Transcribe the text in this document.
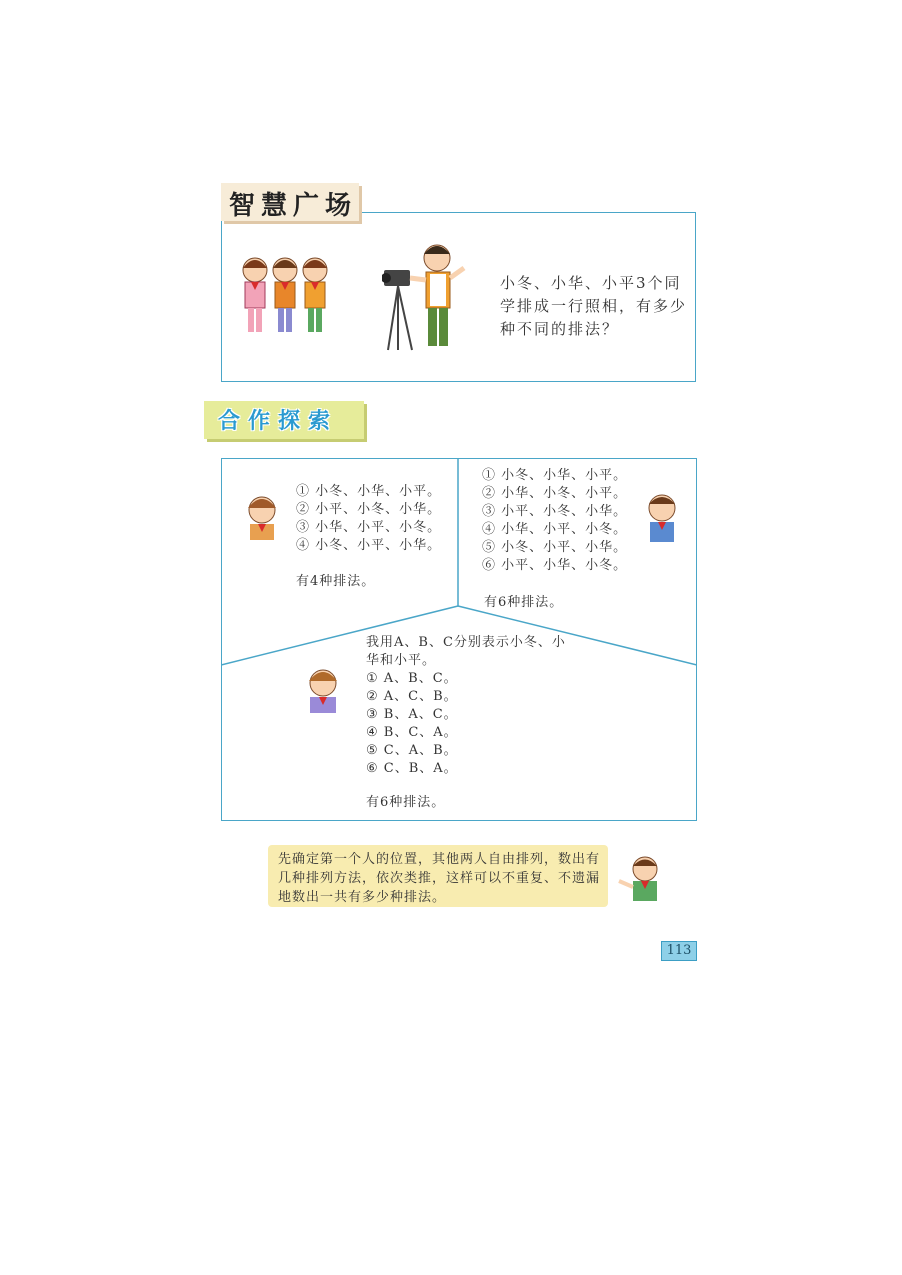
智慧广场
小冬、小华、小平3个同学排成一行照相，有多少种不同的排法？
合作探索
① 小冬、小华、小平。
② 小平、小冬、小华。
③ 小华、小平、小冬。
④ 小冬、小平、小华。
有4种排法。
① 小冬、小华、小平。
② 小华、小冬、小平。
③ 小平、小冬、小华。
④ 小华、小平、小冬。
⑤ 小冬、小平、小华。
⑥ 小平、小华、小冬。
有6种排法。
我用A、B、C分别表示小冬、小华和小平。
① A、B、C。
② A、C、B。
③ B、A、C。
④ B、C、A。
⑤ C、A、B。
⑥ C、B、A。
有6种排法。
先确定第一个人的位置，其他两人自由排列，数出有几种排列方法，依次类推，这样可以不重复、不遗漏地数出一共有多少种排法。
113
